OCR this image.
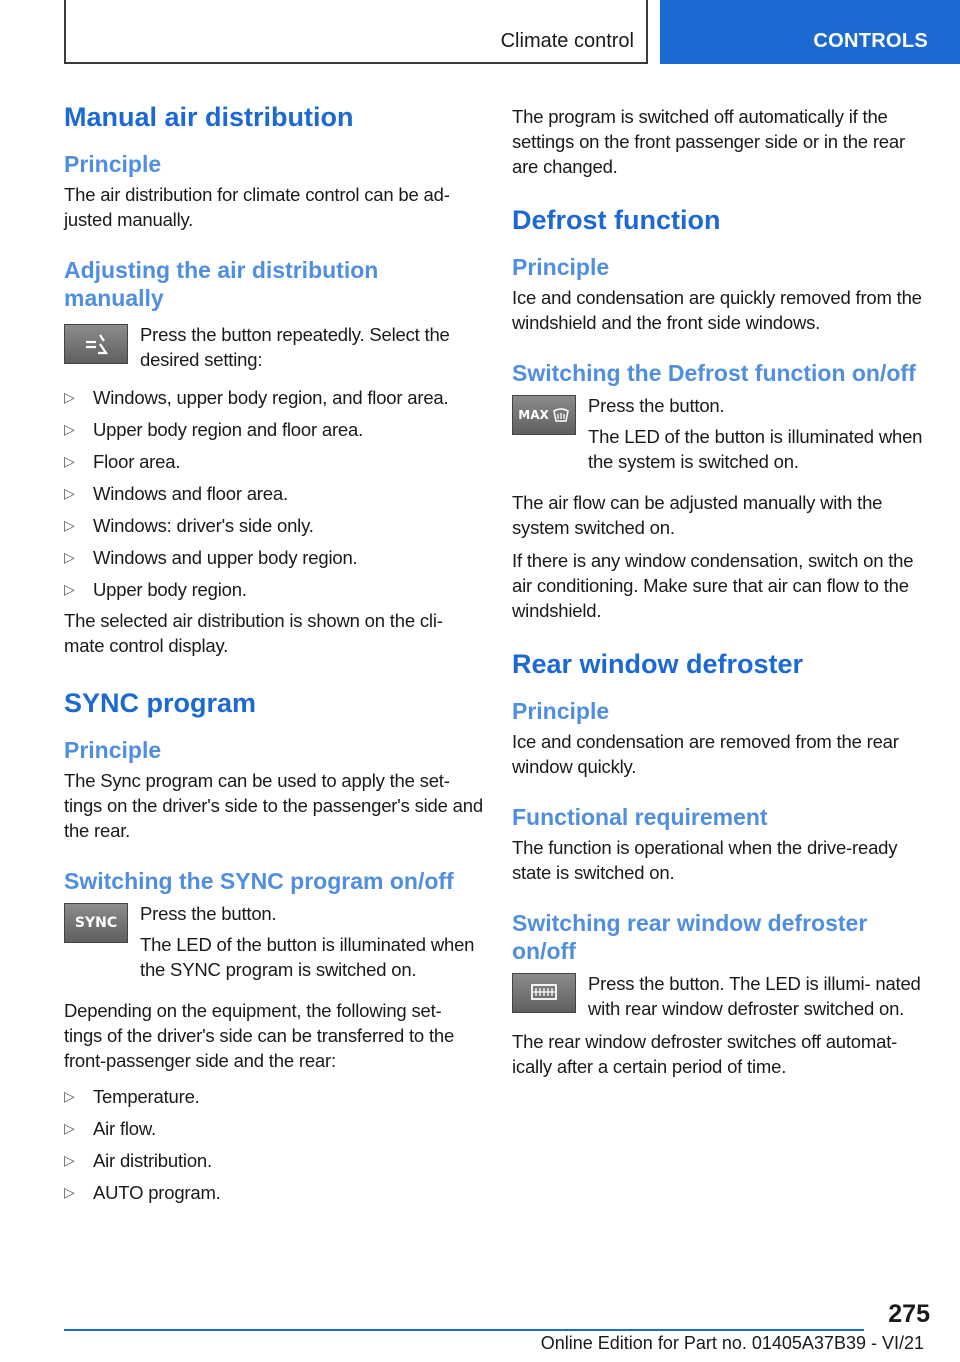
Climate control	CONTROLS
Manual air distribution
Principle

The air distribution for climate control can be ad‐ justed manually.

Adjusting the air distribution manually

Press the button repeatedly. Select the desired setting:

▷ Windows, upper body region, and floor area.
▷ Upper body region and floor area.
▷ Floor area.
▷ Windows and floor area.
▷ Windows: driver's side only.
▷ Windows and upper body region.
▷ Upper body region.

The selected air distribution is shown on the cli‐ mate control display.

SYNC program
Principle

The Sync program can be used to apply the set‐ tings on the driver's side to the passenger's side and the rear.

Switching the SYNC program on/off
SYNC Press the button.

The LED of the button is illuminated when the SYNC program is switched on.

Depending on the equipment, the following set‐ tings of the driver's side can be transferred to the front-passenger side and the rear:

▷ Temperature.
▷ Air flow.
▷ Air distribution.
▷ AUTO program.

The program is switched off automatically if the settings on the front passenger side or in the rear are changed.

Defrost function
Principle

Ice and condensation are quickly removed from the windshield and the front side windows.

Switching the Defrost function on/off
MAX Press the button.

The LED of the button is illuminated when the system is switched on.

The air flow can be adjusted manually with the system switched on.

If there is any window condensation, switch on the air conditioning. Make sure that air can flow to the windshield.

Rear window defroster
Principle

Ice and condensation are removed from the rear window quickly.

Functional requirement

The function is operational when the drive-ready state is switched on.

Switching rear window defroster on/off

Press the button. The LED is illumi‐ nated with rear window defroster switched on.

The rear window defroster switches off automat‐ ically after a certain period of time.

275
Online Edition for Part no. 01405A37B39 - VI/21
